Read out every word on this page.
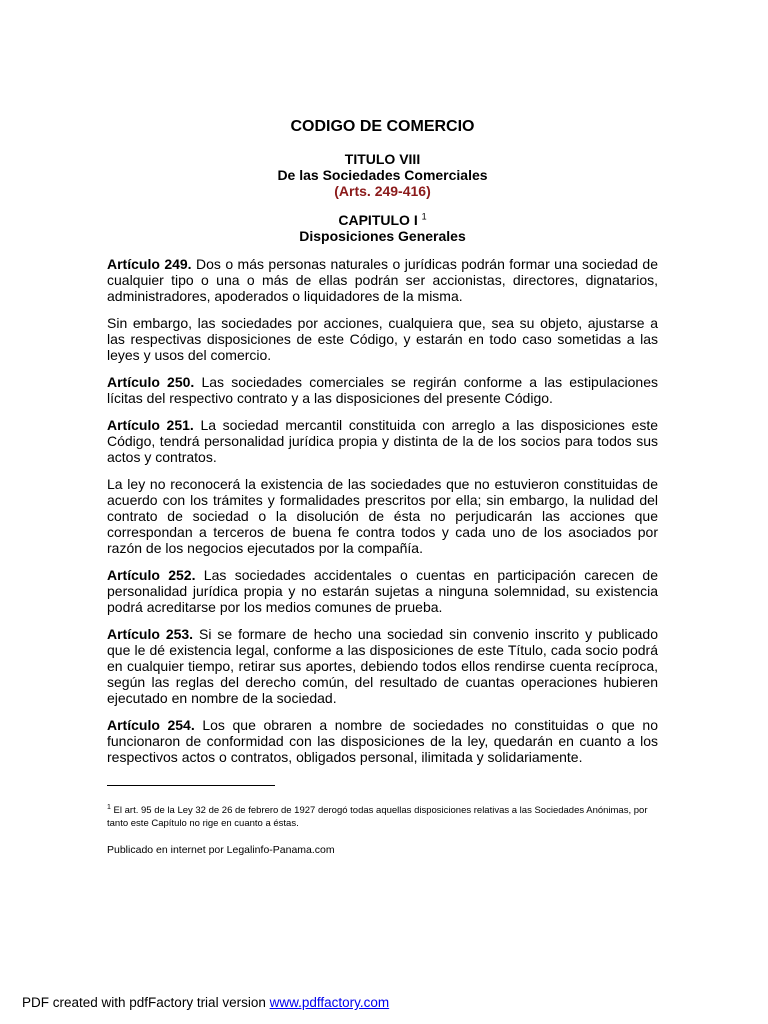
CODIGO DE COMERCIO
TITULO VIII
De las Sociedades Comerciales
(Arts. 249-416)
CAPITULO I $^1$
Disposiciones Generales

Artículo 249. Dos o más personas naturales o jurídicas podrán formar una sociedad de cualquier tipo o una o más de ellas podrán ser accionistas, directores, dignatarios, administradores, apoderados o liquidadores de la misma.

Sin embargo, las sociedades por acciones, cualquiera que, sea su objeto, ajustarse a las respectivas disposiciones de este Código, y estarán en todo caso sometidas a las leyes y usos del comercio.

Artículo 250. Las sociedades comerciales se regirán conforme a las estipulaciones lícitas del respectivo contrato y a las disposiciones del presente Código.

Artículo 251. La sociedad mercantil constituida con arreglo a las disposiciones este Código, tendrá personalidad jurídica propia y distinta de la de los socios para todos sus actos y contratos.

La ley no reconocerá la existencia de las sociedades que no estuvieron constituidas de acuerdo con los trámites y formalidades prescritos por ella; sin embargo, la nulidad del contrato de sociedad o la disolución de ésta no perjudicarán las acciones que correspondan a terceros de buena fe contra todos y cada uno de los asociados por razón de los negocios ejecutados por la compañía.

Artículo 252. Las sociedades accidentales o cuentas en participación carecen de personalidad jurídica propia y no estarán sujetas a ninguna solemnidad, su existencia podrá acreditarse por los medios comunes de prueba.

Artículo 253. Si se formare de hecho una sociedad sin convenio inscrito y publicado que le dé existencia legal, conforme a las disposiciones de este Título, cada socio podrá en cualquier tiempo, retirar sus aportes, debiendo todos ellos rendirse cuenta recíproca, según las reglas del derecho común, del resultado de cuantas operaciones hubieren ejecutado en nombre de la sociedad.

Artículo 254. Los que obraren a nombre de sociedades no constituidas o que no funcionaron de conformidad con las disposiciones de la ley, quedarán en cuanto a los respectivos actos o contratos, obligados personal, ilimitada y solidariamente.

$^1$ El art. 95 de la Ley 32 de 26 de febrero de 1927 derogó todas aquellas disposiciones relativas a las Sociedades Anónimas, por tanto este Capítulo no rige en cuanto a éstas.

Publicado en internet por Legalinfo-Panama.com
PDF created with pdfFactory trial version www.pdffactory.com
